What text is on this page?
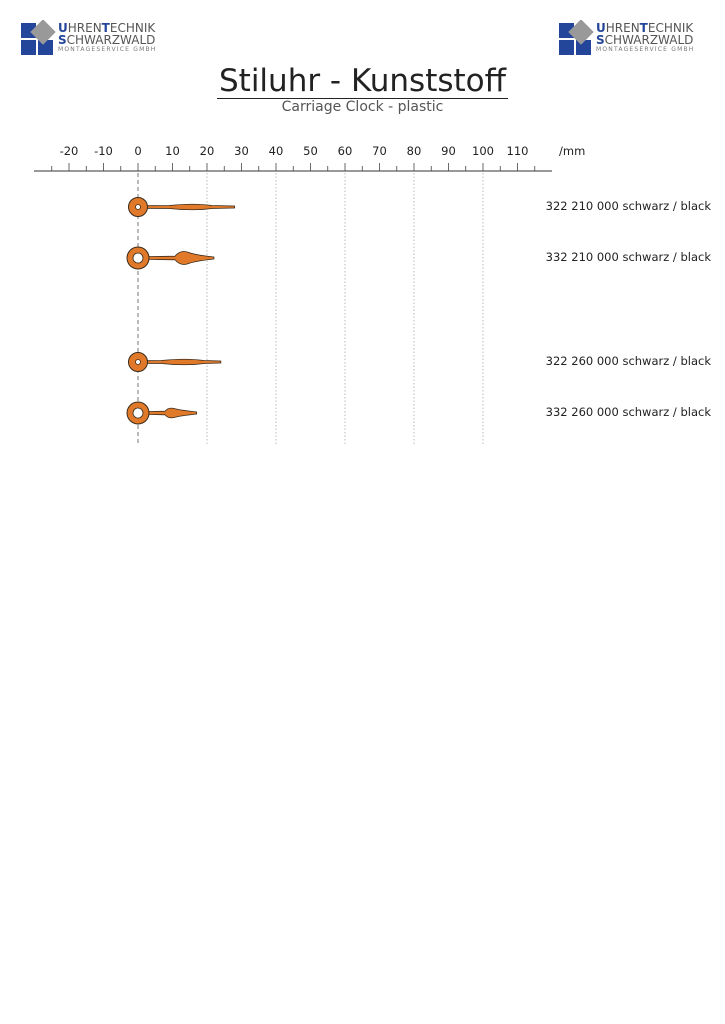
UHRENTECHNIK
SCHWARZWALD
MONTAGESERVICE GMBH
UHRENTECHNIK
SCHWARZWALD
MONTAGESERVICE GMBH
Stiluhr - Kunststoff
Carriage Clock - plastic
-20 -10 0 10 20 30 40 50 60 70 80 90 100 110	/mm
322 210 000 schwarz / black
332 210 000 schwarz / black
322 260 000 schwarz / black
332 260 000 schwarz / black
